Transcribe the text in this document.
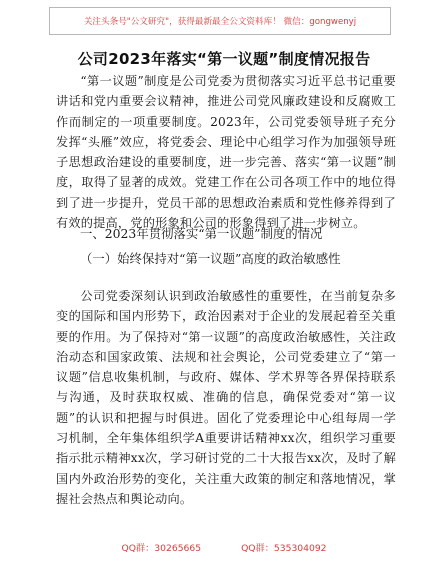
关注头条号"公文研究"，获得最新最全公文资料库！ 微信：gongwenyj
公司2023年落实“第一议题”制度情况报告

“第一议题”制度是公司党委为贯彻落实习近平总书记重要讲话和党内重要会议精神，推进公司党风廉政建设和反腐败工作而制定的一项重要制度。2023年，公司党委领导班子充分发挥“头雁”效应，将党委会、理论中心组学习作为加强领导班子思想政治建设的重要制度，进一步完善、落实“第一议题”制度，取得了显著的成效。党建工作在公司各项工作中的地位得到了进一步提升，党员干部的思想政治素质和党性修养得到了有效的提高，党的形象和公司的形象得到了进一步树立。

一、2023年贯彻落实“第一议题”制度的情况

（一）始终保持对“第一议题”高度的政治敏感性

公司党委深刻认识到政治敏感性的重要性，在当前复杂多变的国际和国内形势下，政治因素对于企业的发展起着至关重要的作用。为了保持对“第一议题”的高度政治敏感性，关注政治动态和国家政策、法规和社会舆论，公司党委建立了“第一议题”信息收集机制，与政府、媒体、学术界等各界保持联系与沟通，及时获取权威、准确的信息，确保党委对“第一议题”的认识和把握与时俱进。固化了党委理论中心组每周一学习机制，全年集体组织学A重要讲话精神xx次，组织学习重要指示批示精神xx次，学习研讨党的二十大报告xx次，及时了解国内外政治形势的变化，关注重大政策的制定和落地情况，掌握社会热点和舆论动向。

QQ群：30265665	QQ群：535304092
